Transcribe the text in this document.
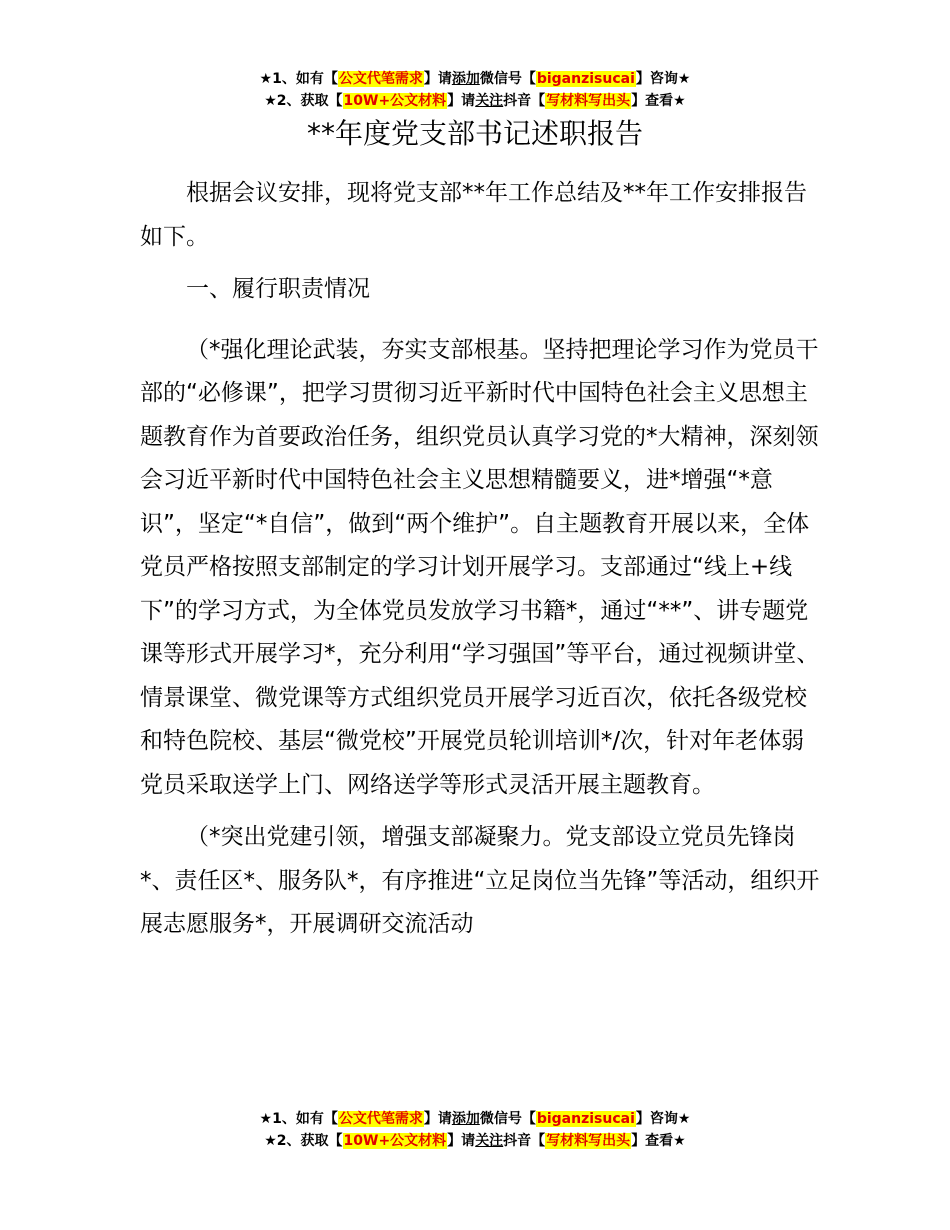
★1、如有【公文代笔需求】请添加微信号【biganzisucai】咨询★
★2、获取【10W+公文材料】请关注抖音【写材料写出头】查看★
**年度党支部书记述职报告

根据会议安排，现将党支部**年工作总结及**年工作安排报告如下。

一、履行职责情况

（*强化理论武装，夯实支部根基。坚持把理论学习作为党员干部的“必修课”，把学习贯彻习近平新时代中国特色社会主义思想主题教育作为首要政治任务，组织党员认真学习党的*大精神，深刻领会习近平新时代中国特色社会主义思想精髓要义，进*增强“*意识”，坚定“*自信”，做到“两个维护”。自主题教育开展以来，全体党员严格按照支部制定的学习计划开展学习。支部通过“线上+线下”的学习方式，为全体党员发放学习书籍*，通过“**”、讲专题党课等形式开展学习*，充分利用“学习强国”等平台，通过视频讲堂、情景课堂、微党课等方式组织党员开展学习近百次，依托各级党校和特色院校、基层“微党校”开展党员轮训培训*/次，针对年老体弱党员采取送学上门、网络送学等形式灵活开展主题教育。

（*突出党建引领，增强支部凝聚力。党支部设立党员先锋岗*、责任区*、服务队*，有序推进“立足岗位当先锋”等活动，组织开展志愿服务*，开展调研交流活动

★1、如有【公文代笔需求】请添加微信号【biganzisucai】咨询★
★2、获取【10W+公文材料】请关注抖音【写材料写出头】查看★
